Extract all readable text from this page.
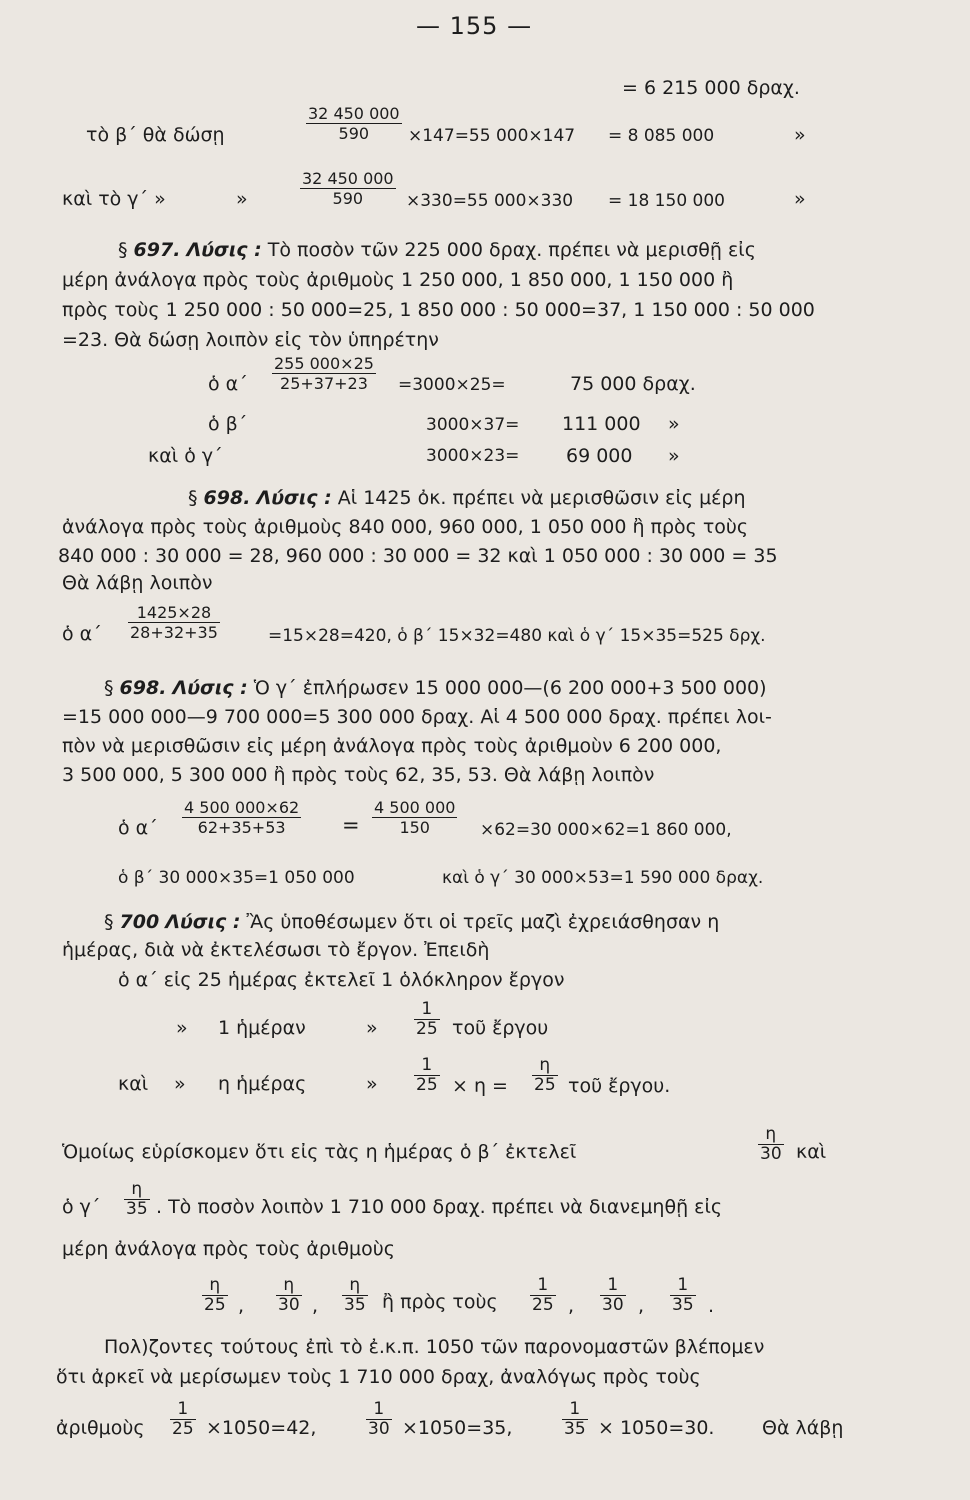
— 155 —
= 6 215 000 δραχ.
τὸ β΄ θὰ δώσῃ
32 450 000
590 ×147=55 000×147 = 8 085 000	»
καὶ τὸ γ΄ »	»
32 450 000
590	×330=55 000×330 = 18 150 000	»
§ 697. Λύσις : Τὸ ποσὸν τῶν 225 000 δραχ. πρέπει νὰ μερισθῇ εἰς
μέρη ἀνάλογα πρὸς τοὺς ἀριθμοὺς 1 250 000, 1 850 000, 1 150 000 ἢ
πρὸς τοὺς 1 250 000 : 50 000=25, 1 850 000 : 50 000=37, 1 150 000 : 50 000
=23. Θὰ δώσῃ λοιπὸν εἰς τὸν ὑπηρέτην
ὁ α΄
255 000×25
25+37+23 =3000×25=	75 000 δραχ.
ὁ β΄	3000×37= 111 000 »
καὶ ὁ γ΄	3000×23= 69 000 »
§ 698. Λύσις : Αἱ 1425 ὀκ. πρέπει νὰ μερισθῶσιν εἰς μέρη
ἀνάλογα πρὸς τοὺς ἀριθμοὺς 840 000, 960 000, 1 050 000 ἢ πρὸς τοὺς
840 000 : 30 000 = 28, 960 000 : 30 000 = 32 καὶ 1 050 000 : 30 000 = 35
Θὰ λάβῃ λοιπὸν
ὁ α΄
1425×28
28+32+35	=15×28=420, ὁ β΄ 15×32=480 καὶ ὁ γ΄ 15×35=525 δρχ.
§ 698. Λύσις : Ὁ γ΄ ἐπλήρωσεν 15 000 000—(6 200 000+3 500 000)
=15 000 000—9 700 000=5 300 000 δραχ. Αἱ 4 500 000 δραχ. πρέπει λοι-
πὸν νὰ μερισθῶσιν εἰς μέρη ἀνάλογα πρὸς τοὺς ἀριθμοὺν 6 200 000,
3 500 000, 5 300 000 ἢ πρὸς τοὺς 62, 35, 53. Θὰ λάβῃ λοιπὸν
ὁ α΄
4 500 000×62
62+35+53	=
4 500 000
150	×62=30 000×62=1 860 000,
ὁ β΄ 30 000×35=1 050 000	καὶ ὁ γ΄ 30 000×53=1 590 000 δραχ.
§ 700 Λύσις : Ἂς ὑποθέσωμεν ὅτι οἱ τρεῖς μαζὶ ἐχρειάσθησαν η
ἡμέρας, διὰ νὰ ἐκτελέσωσι τὸ ἔργον. Ἐπειδὴ
ὁ α΄ εἰς 25 ἡμέρας ἐκτελεῖ 1 ὁλόκληρον ἔργον
» 1 ἡμέραν	»
1
25 τοῦ ἔργου
καὶ » η ἡμέρας	»
1
25 × η =
η
25 τοῦ ἔργου.
Ὁμοίως εὑρίσκομεν ὅτι εἰς τὰς η ἡμέρας ὁ β΄ ἐκτελεῖ
η
30 καὶ
ὁ γ΄
η
35 . Τὸ ποσὸν λοιπὸν 1 710 000 δραχ. πρέπει νὰ διανεμηθῇ εἰς
μέρη ἀνάλογα πρὸς τοὺς ἀριθμοὺς
η
25 ,
η
30 ,
η
35 ἢ πρὸς τοὺς
1
25 ,
1
30 ,
1
35 .
Πολ)ζοντες τούτους ἐπὶ τὸ ἐ.κ.π. 1050 τῶν παρονομαστῶν βλέπομεν
ὅτι ἀρκεῖ νὰ μερίσωμεν τοὺς 1 710 000 δραχ, ἀναλόγως πρὸς τοὺς
ἀριθμοὺς
1
25 ×1050=42,
1
30 ×1050=35,
1
35 × 1050=30.	Θὰ λάβῃ
